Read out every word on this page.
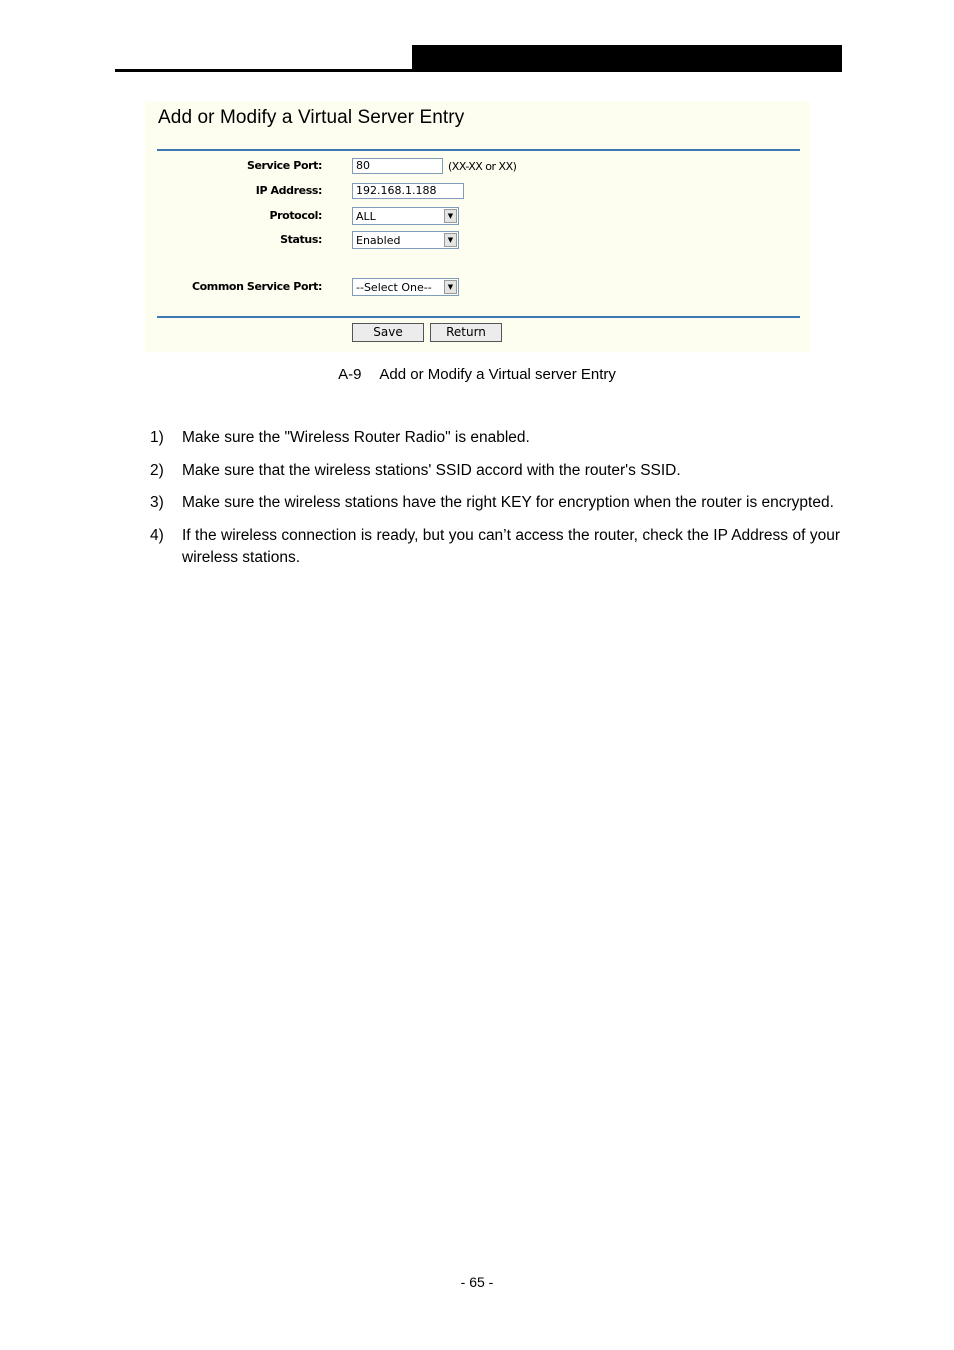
Add or Modify a Virtual Server Entry
Service Port:	80	(XX-XX or XX)
IP Address:	192.168.1.188
Protocol:	ALL	▼
Status:	Enabled	▼
Common Service Port:	--Select One--	▼
Save	Return
A-9 Add or Modify a Virtual server Entry
1) Make sure the "Wireless Router Radio" is enabled.
2) Make sure that the wireless stations' SSID accord with the router's SSID.
3) Make sure the wireless stations have the right KEY for encryption when the router is encrypted.
4) If the wireless connection is ready, but you can’t access the router, check the IP Address of your wireless stations.
- 65 -
